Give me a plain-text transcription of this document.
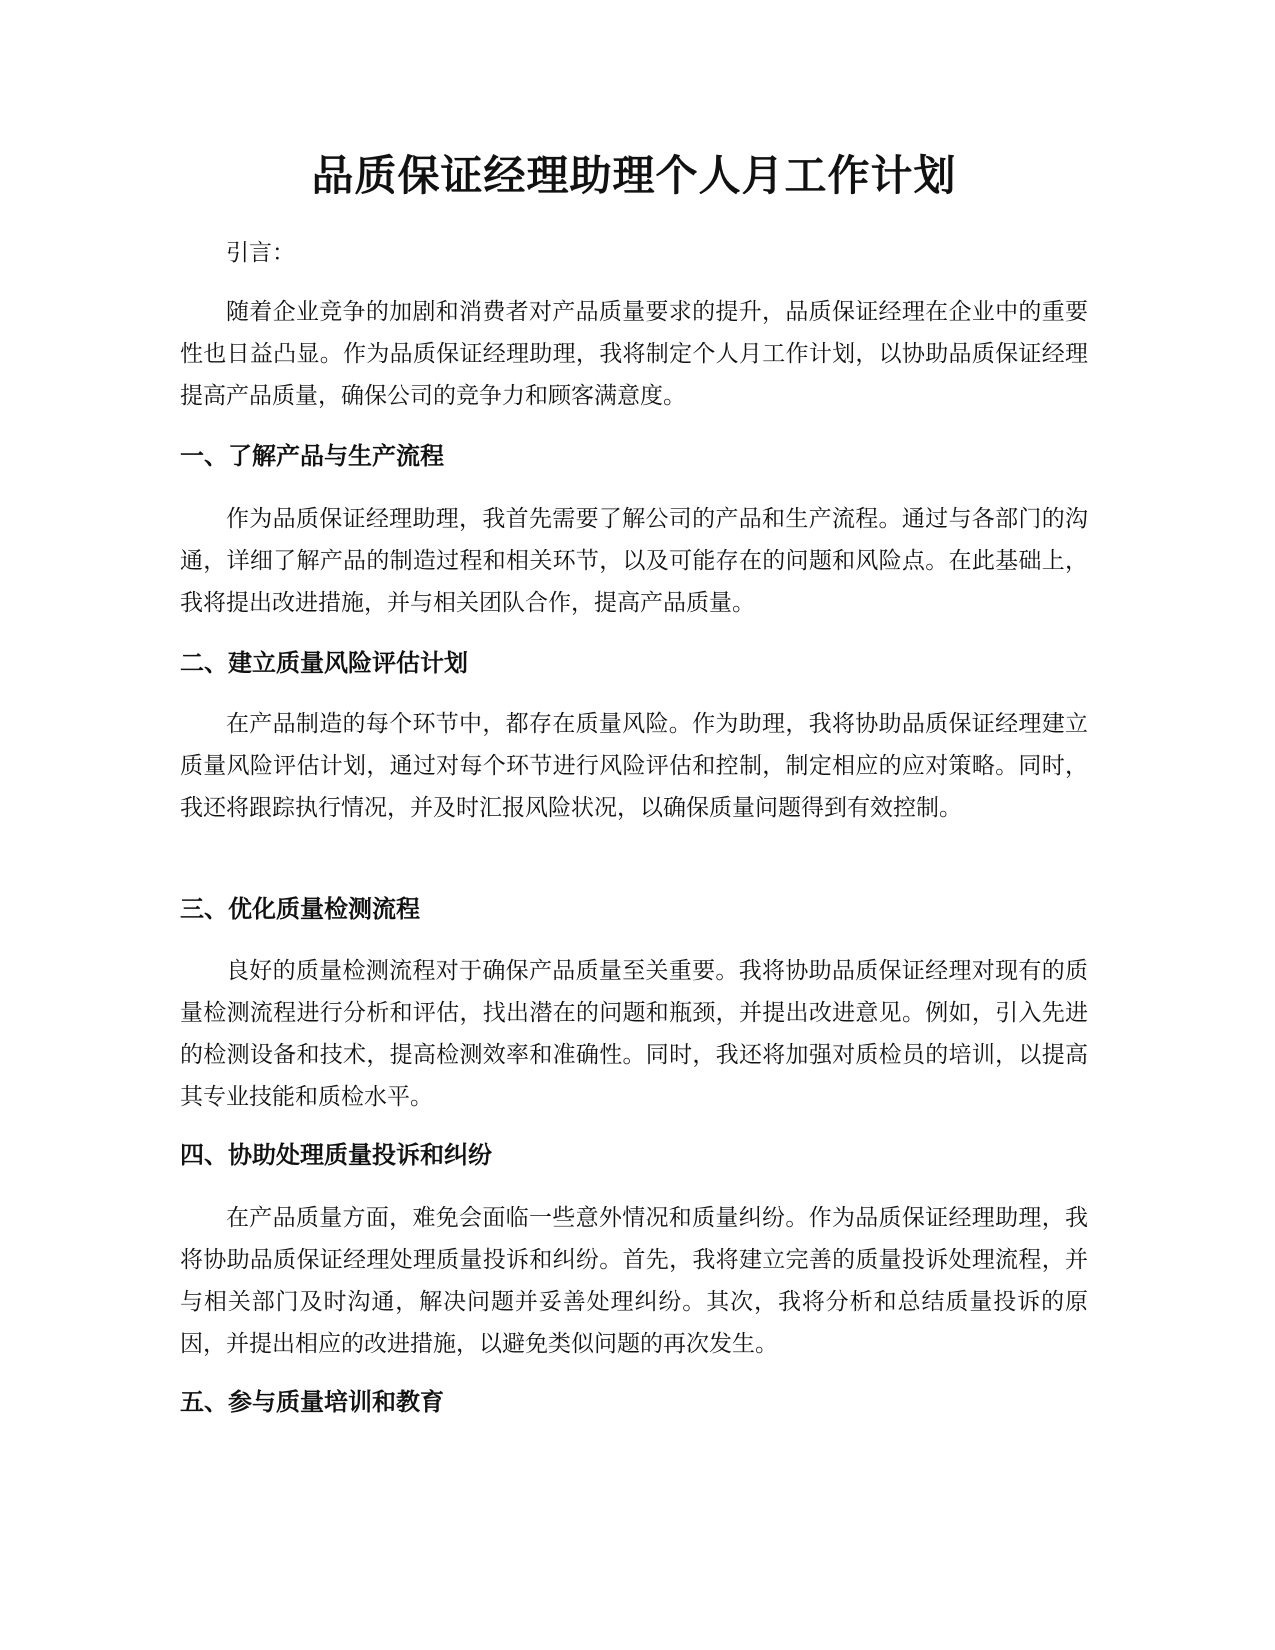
品质保证经理助理个人月工作计划

引言：

随着企业竞争的加剧和消费者对产品质量要求的提升，品质保证经理在企业中的重要性也日益凸显。作为品质保证经理助理，我将制定个人月工作计划，以协助品质保证经理提高产品质量，确保公司的竞争力和顾客满意度。

一、了解产品与生产流程

作为品质保证经理助理，我首先需要了解公司的产品和生产流程。通过与各部门的沟通，详细了解产品的制造过程和相关环节，以及可能存在的问题和风险点。在此基础上，我将提出改进措施，并与相关团队合作，提高产品质量。

二、建立质量风险评估计划

在产品制造的每个环节中，都存在质量风险。作为助理，我将协助品质保证经理建立质量风险评估计划，通过对每个环节进行风险评估和控制，制定相应的应对策略。同时，我还将跟踪执行情况，并及时汇报风险状况，以确保质量问题得到有效控制。

三、优化质量检测流程

良好的质量检测流程对于确保产品质量至关重要。我将协助品质保证经理对现有的质量检测流程进行分析和评估，找出潜在的问题和瓶颈，并提出改进意见。例如，引入先进的检测设备和技术，提高检测效率和准确性。同时，我还将加强对质检员的培训，以提高其专业技能和质检水平。

四、协助处理质量投诉和纠纷

在产品质量方面，难免会面临一些意外情况和质量纠纷。作为品质保证经理助理，我将协助品质保证经理处理质量投诉和纠纷。首先，我将建立完善的质量投诉处理流程，并与相关部门及时沟通，解决问题并妥善处理纠纷。其次，我将分析和总结质量投诉的原因，并提出相应的改进措施，以避免类似问题的再次发生。

五、参与质量培训和教育
